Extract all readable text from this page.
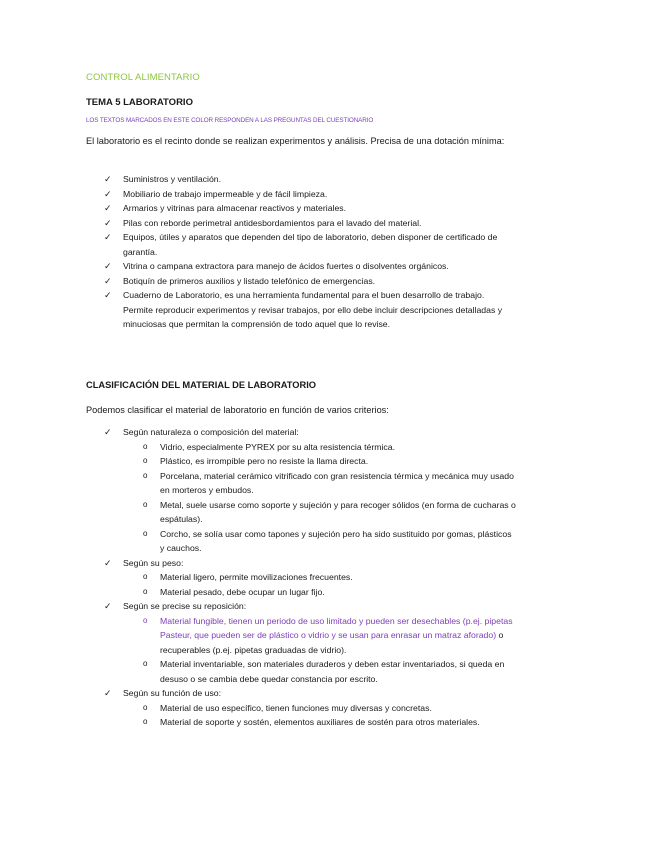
CONTROL ALIMENTARIO
TEMA 5 LABORATORIO
LOS TEXTOS MARCADOS EN ESTE COLOR RESPONDEN A LAS PREGUNTAS DEL CUESTIONARIO
El laboratorio es el recinto donde se realizan experimentos y análisis. Precisa de una dotación mínima:
✓ Suministros y ventilación.
✓ Mobiliario de trabajo impermeable y de fácil limpieza.
✓ Armarios y vitrinas para almacenar reactivos y materiales.
✓ Pilas con reborde perimetral antidesbordamientos para el lavado del material.
✓ Equipos, útiles y aparatos que dependen del tipo de laboratorio, deben disponer de certificado de garantía.
✓ Vitrina o campana extractora para manejo de ácidos fuertes o disolventes orgánicos.
✓ Botiquín de primeros auxilios y listado telefónico de emergencias.
✓ Cuaderno de Laboratorio, es una herramienta fundamental para el buen desarrollo de trabajo. Permite reproducir experimentos y revisar trabajos, por ello debe incluir descripciones detalladas y minuciosas que permitan la comprensión de todo aquel que lo revise.
CLASIFICACIÓN DEL MATERIAL DE LABORATORIO
Podemos clasificar el material de laboratorio en función de varios criterios:
✓ Según naturaleza o composición del material:
o Vidrio, especialmente PYREX por su alta resistencia térmica.
o Plástico, es irrompible pero no resiste la llama directa.
o Porcelana, material cerámico vitrificado con gran resistencia térmica y mecánica muy usado en morteros y embudos.
o Metal, suele usarse como soporte y sujeción y para recoger sólidos (en forma de cucharas o espátulas).
o Corcho, se solía usar como tapones y sujeción pero ha sido sustituido por gomas, plásticos y cauchos.
✓ Según su peso:
o Material ligero, permite movilizaciones frecuentes.
o Material pesado, debe ocupar un lugar fijo.
✓ Según se precise su reposición:
o Material fungible, tienen un periodo de uso limitado y pueden ser desechables (p.ej. pipetas Pasteur, que pueden ser de plástico o vidrio y se usan para enrasar un matraz aforado) o recuperables (p.ej. pipetas graduadas de vidrio).
o Material inventariable, son materiales duraderos y deben estar inventariados, si queda en desuso o se cambia debe quedar constancia por escrito.
✓ Según su función de uso:
o Material de uso específico, tienen funciones muy diversas y concretas.
o Material de soporte y sostén, elementos auxiliares de sostén para otros materiales.
